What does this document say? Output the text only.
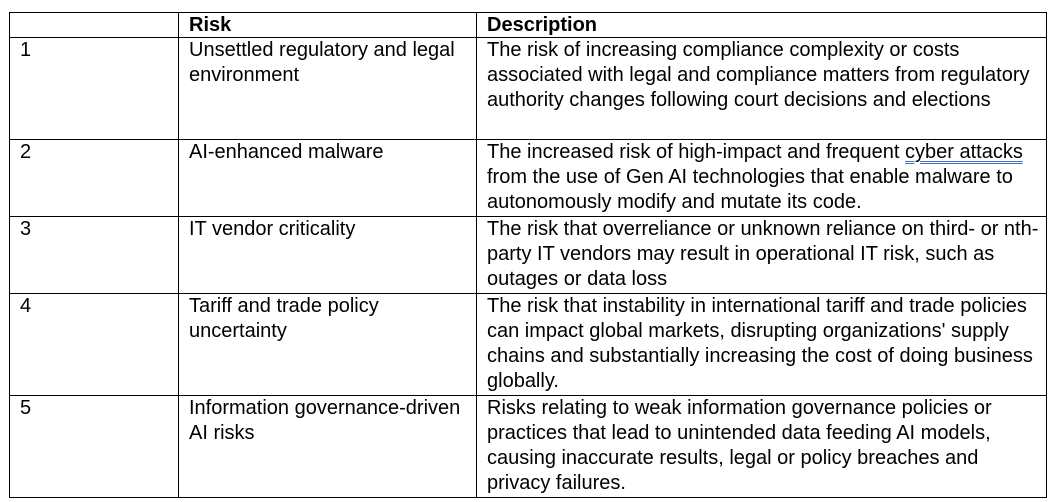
	Risk	Description
1	Unsettled regulatory and legal environment	The risk of increasing compliance complexity or costs associated with legal and compliance matters from regulatory authority changes following court decisions and elections
2	AI-enhanced malware	The increased risk of high-impact and frequent cyber attacks from the use of Gen AI technologies that enable malware to autonomously modify and mutate its code.
3	IT vendor criticality	The risk that overreliance or unknown reliance on third- or nth-party IT vendors may result in operational IT risk, such as outages or data loss
4	Tariff and trade policy uncertainty	The risk that instability in international tariff and trade policies can impact global markets, disrupting organizations' supply chains and substantially increasing the cost of doing business globally.
5	Information governance-driven AI risks	Risks relating to weak information governance policies or practices that lead to unintended data feeding AI models, causing inaccurate results, legal or policy breaches and privacy failures.
